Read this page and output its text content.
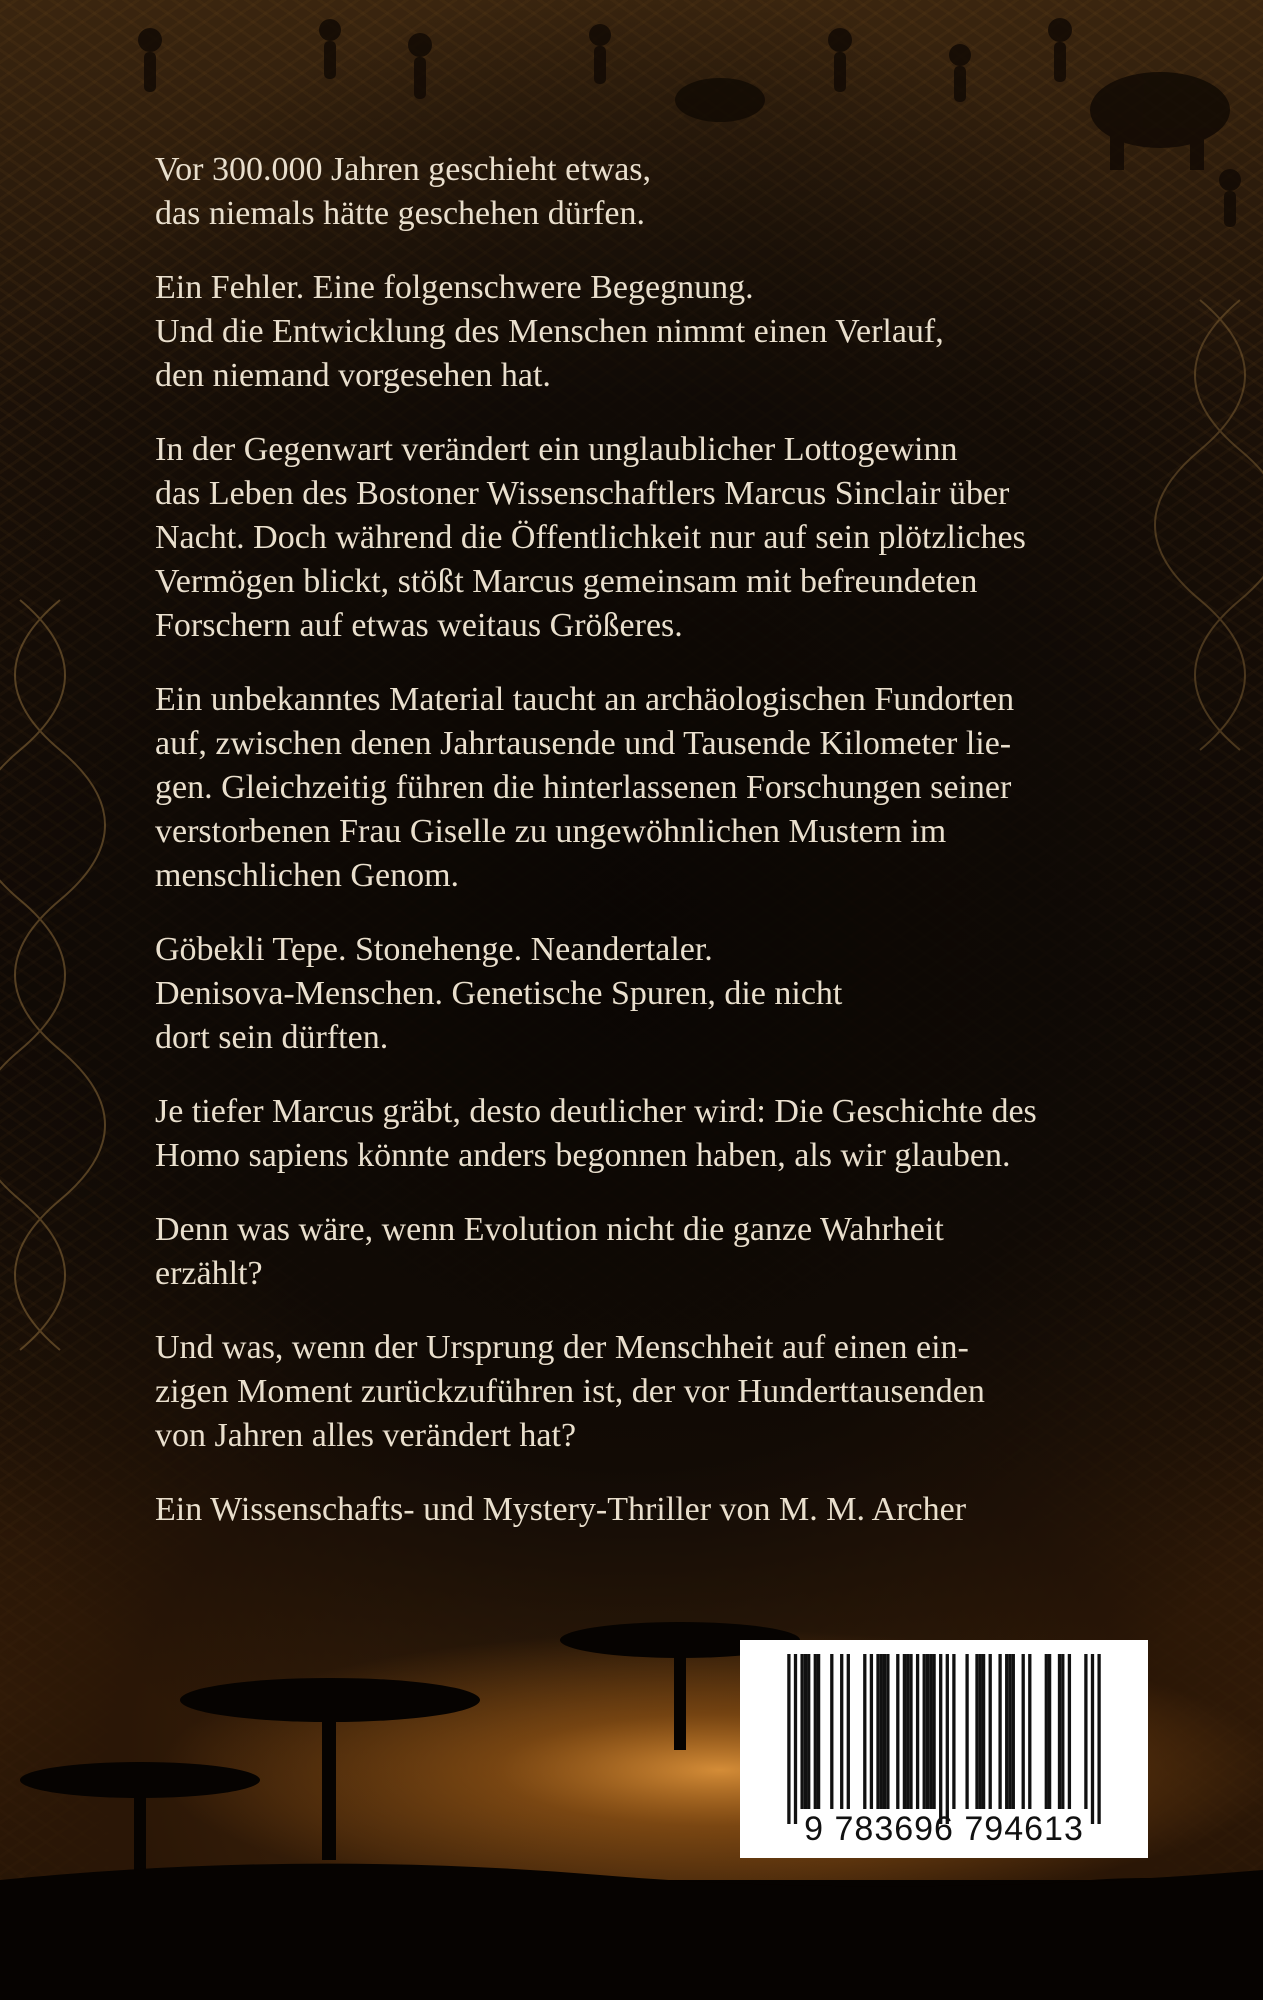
Vor 300.000 Jahren geschieht etwas,
das niemals hätte geschehen dürfen.

Ein Fehler. Eine folgenschwere Begegnung.
Und die Entwicklung des Menschen nimmt einen Verlauf,
den niemand vorgesehen hat.

In der Gegenwart verändert ein unglaublicher Lottogewinn
das Leben des Bostoner Wissenschaftlers Marcus Sinclair über
Nacht. Doch während die Öffentlichkeit nur auf sein plötzliches
Vermögen blickt, stößt Marcus gemeinsam mit befreundeten
Forschern auf etwas weitaus Größeres.

Ein unbekanntes Material taucht an archäologischen Fundorten
auf, zwischen denen Jahrtausende und Tausende Kilometer lie-
gen. Gleichzeitig führen die hinterlassenen Forschungen seiner
verstorbenen Frau Giselle zu ungewöhnlichen Mustern im
menschlichen Genom.

Göbekli Tepe. Stonehenge. Neandertaler.
Denisova-Menschen. Genetische Spuren, die nicht
dort sein dürften.

Je tiefer Marcus gräbt, desto deutlicher wird: Die Geschichte des
Homo sapiens könnte anders begonnen haben, als wir glauben.

Denn was wäre, wenn Evolution nicht die ganze Wahrheit
erzählt?

Und was, wenn der Ursprung der Menschheit auf einen ein-
zigen Moment zurückzuführen ist, der vor Hunderttausenden
von Jahren alles verändert hat?

Ein Wissenschafts- und Mystery-Thriller von M. M. Archer

9 783696 794613
